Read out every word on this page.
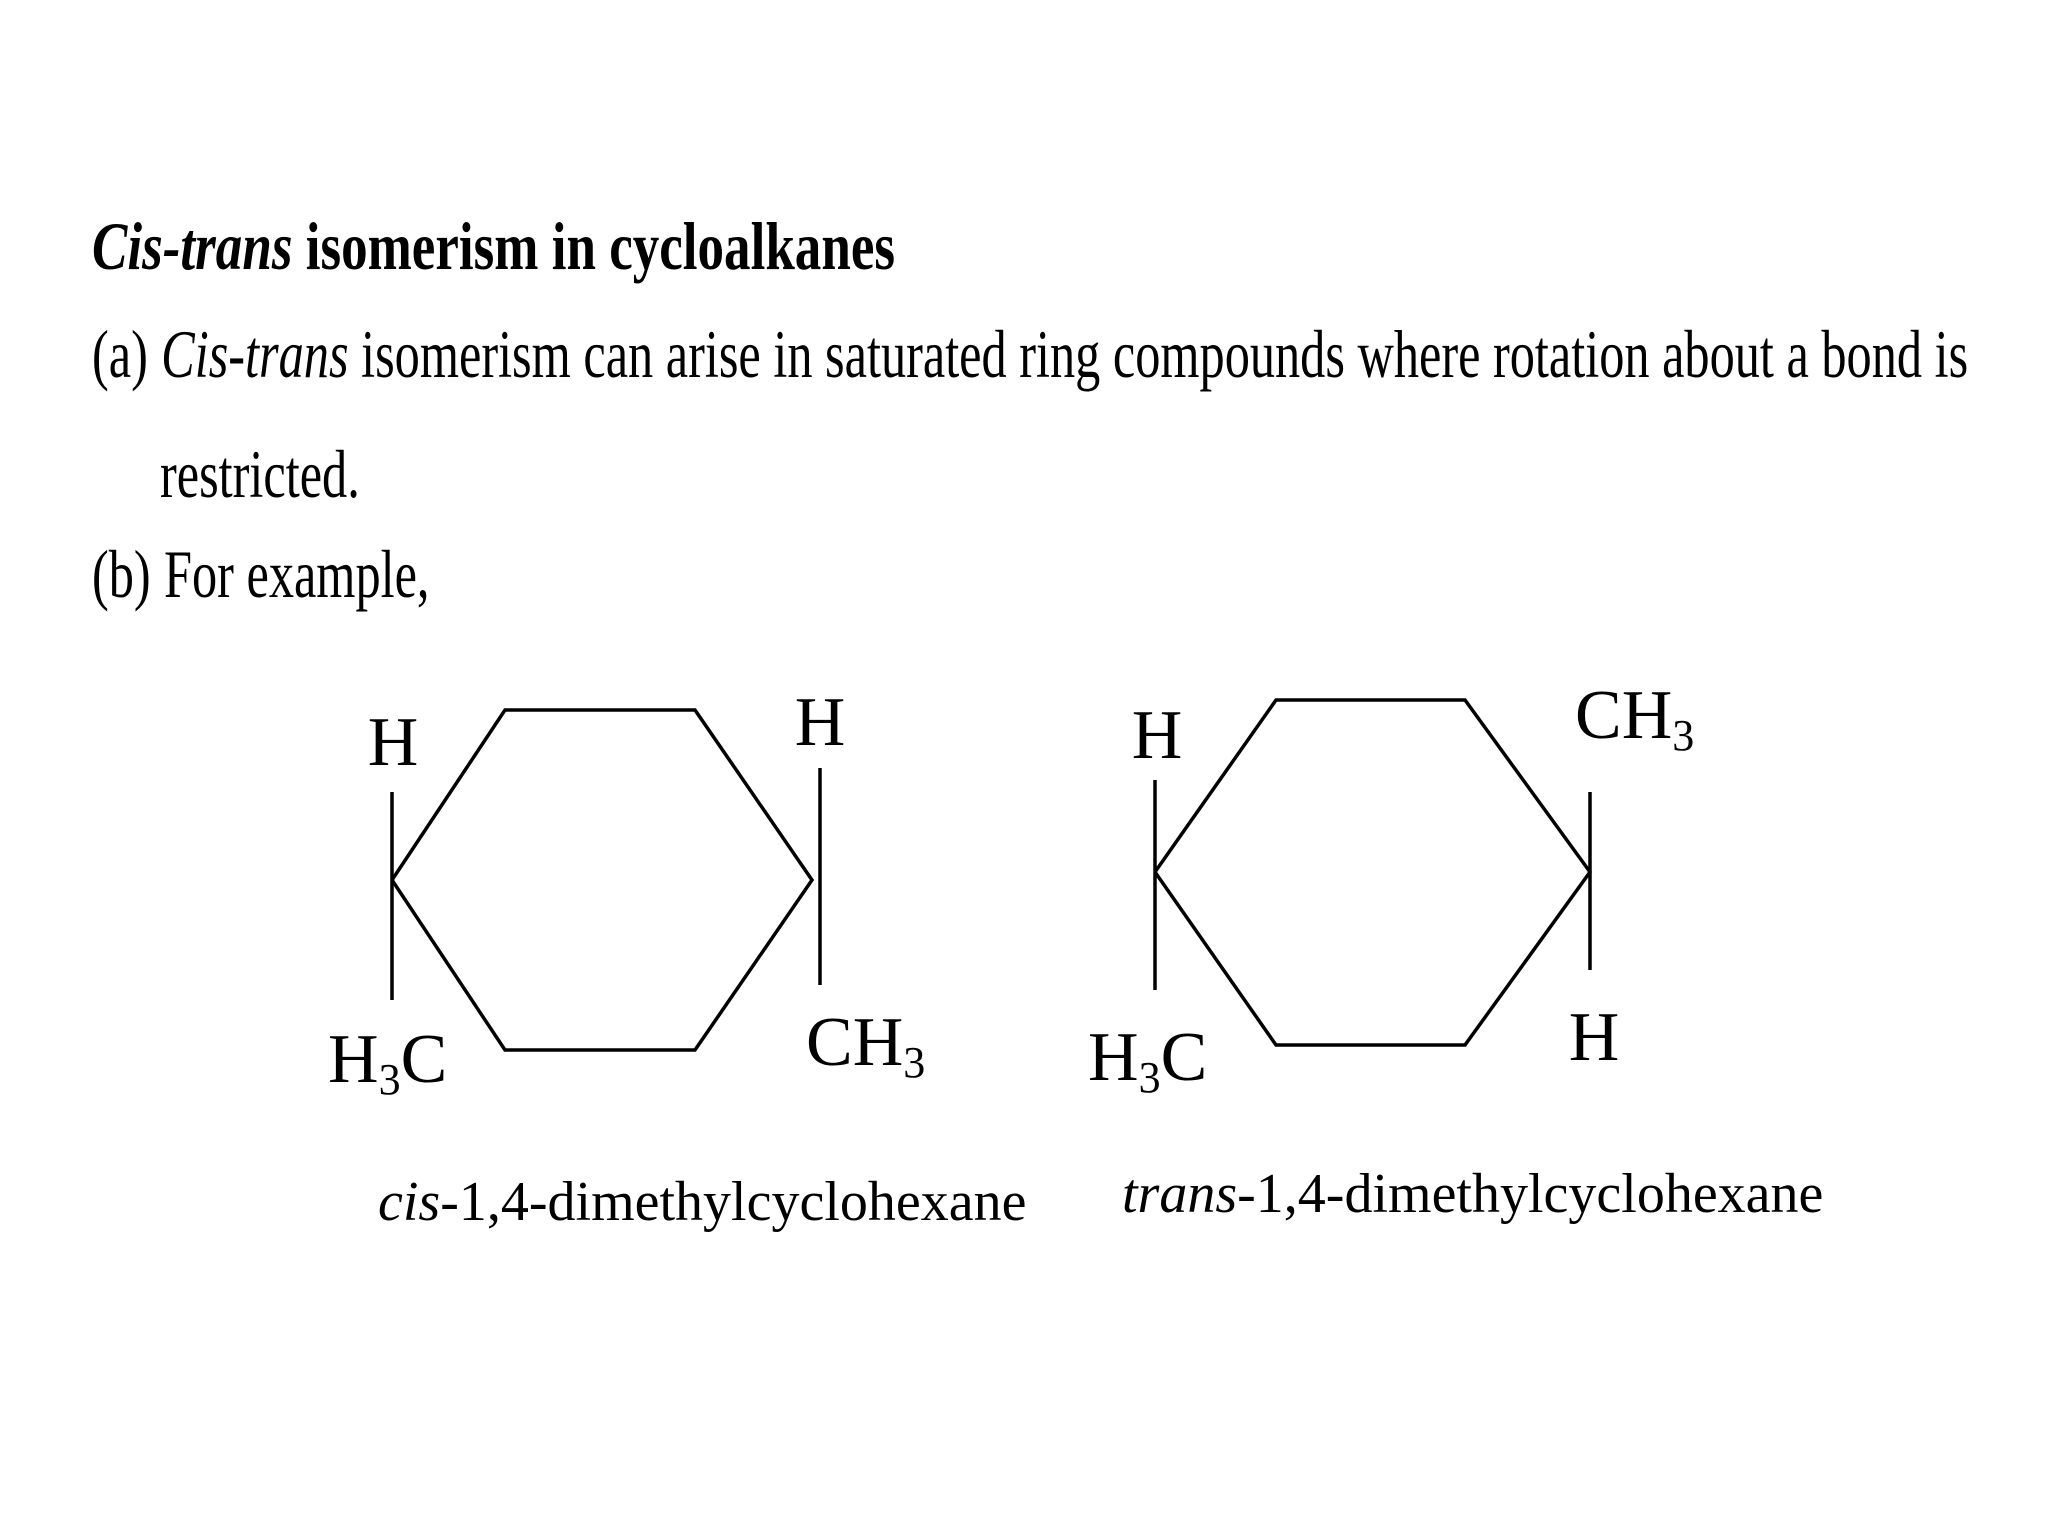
Cis-trans isomerism in cycloalkanes
(a) Cis-trans isomerism can arise in saturated ring compounds where rotation about a bond is
restricted.
(b) For example,
H
H3C
H
CH3
cis-1,4-dimethylcyclohexane
H
H3C
CH3
H
trans-1,4-dimethylcyclohexane
